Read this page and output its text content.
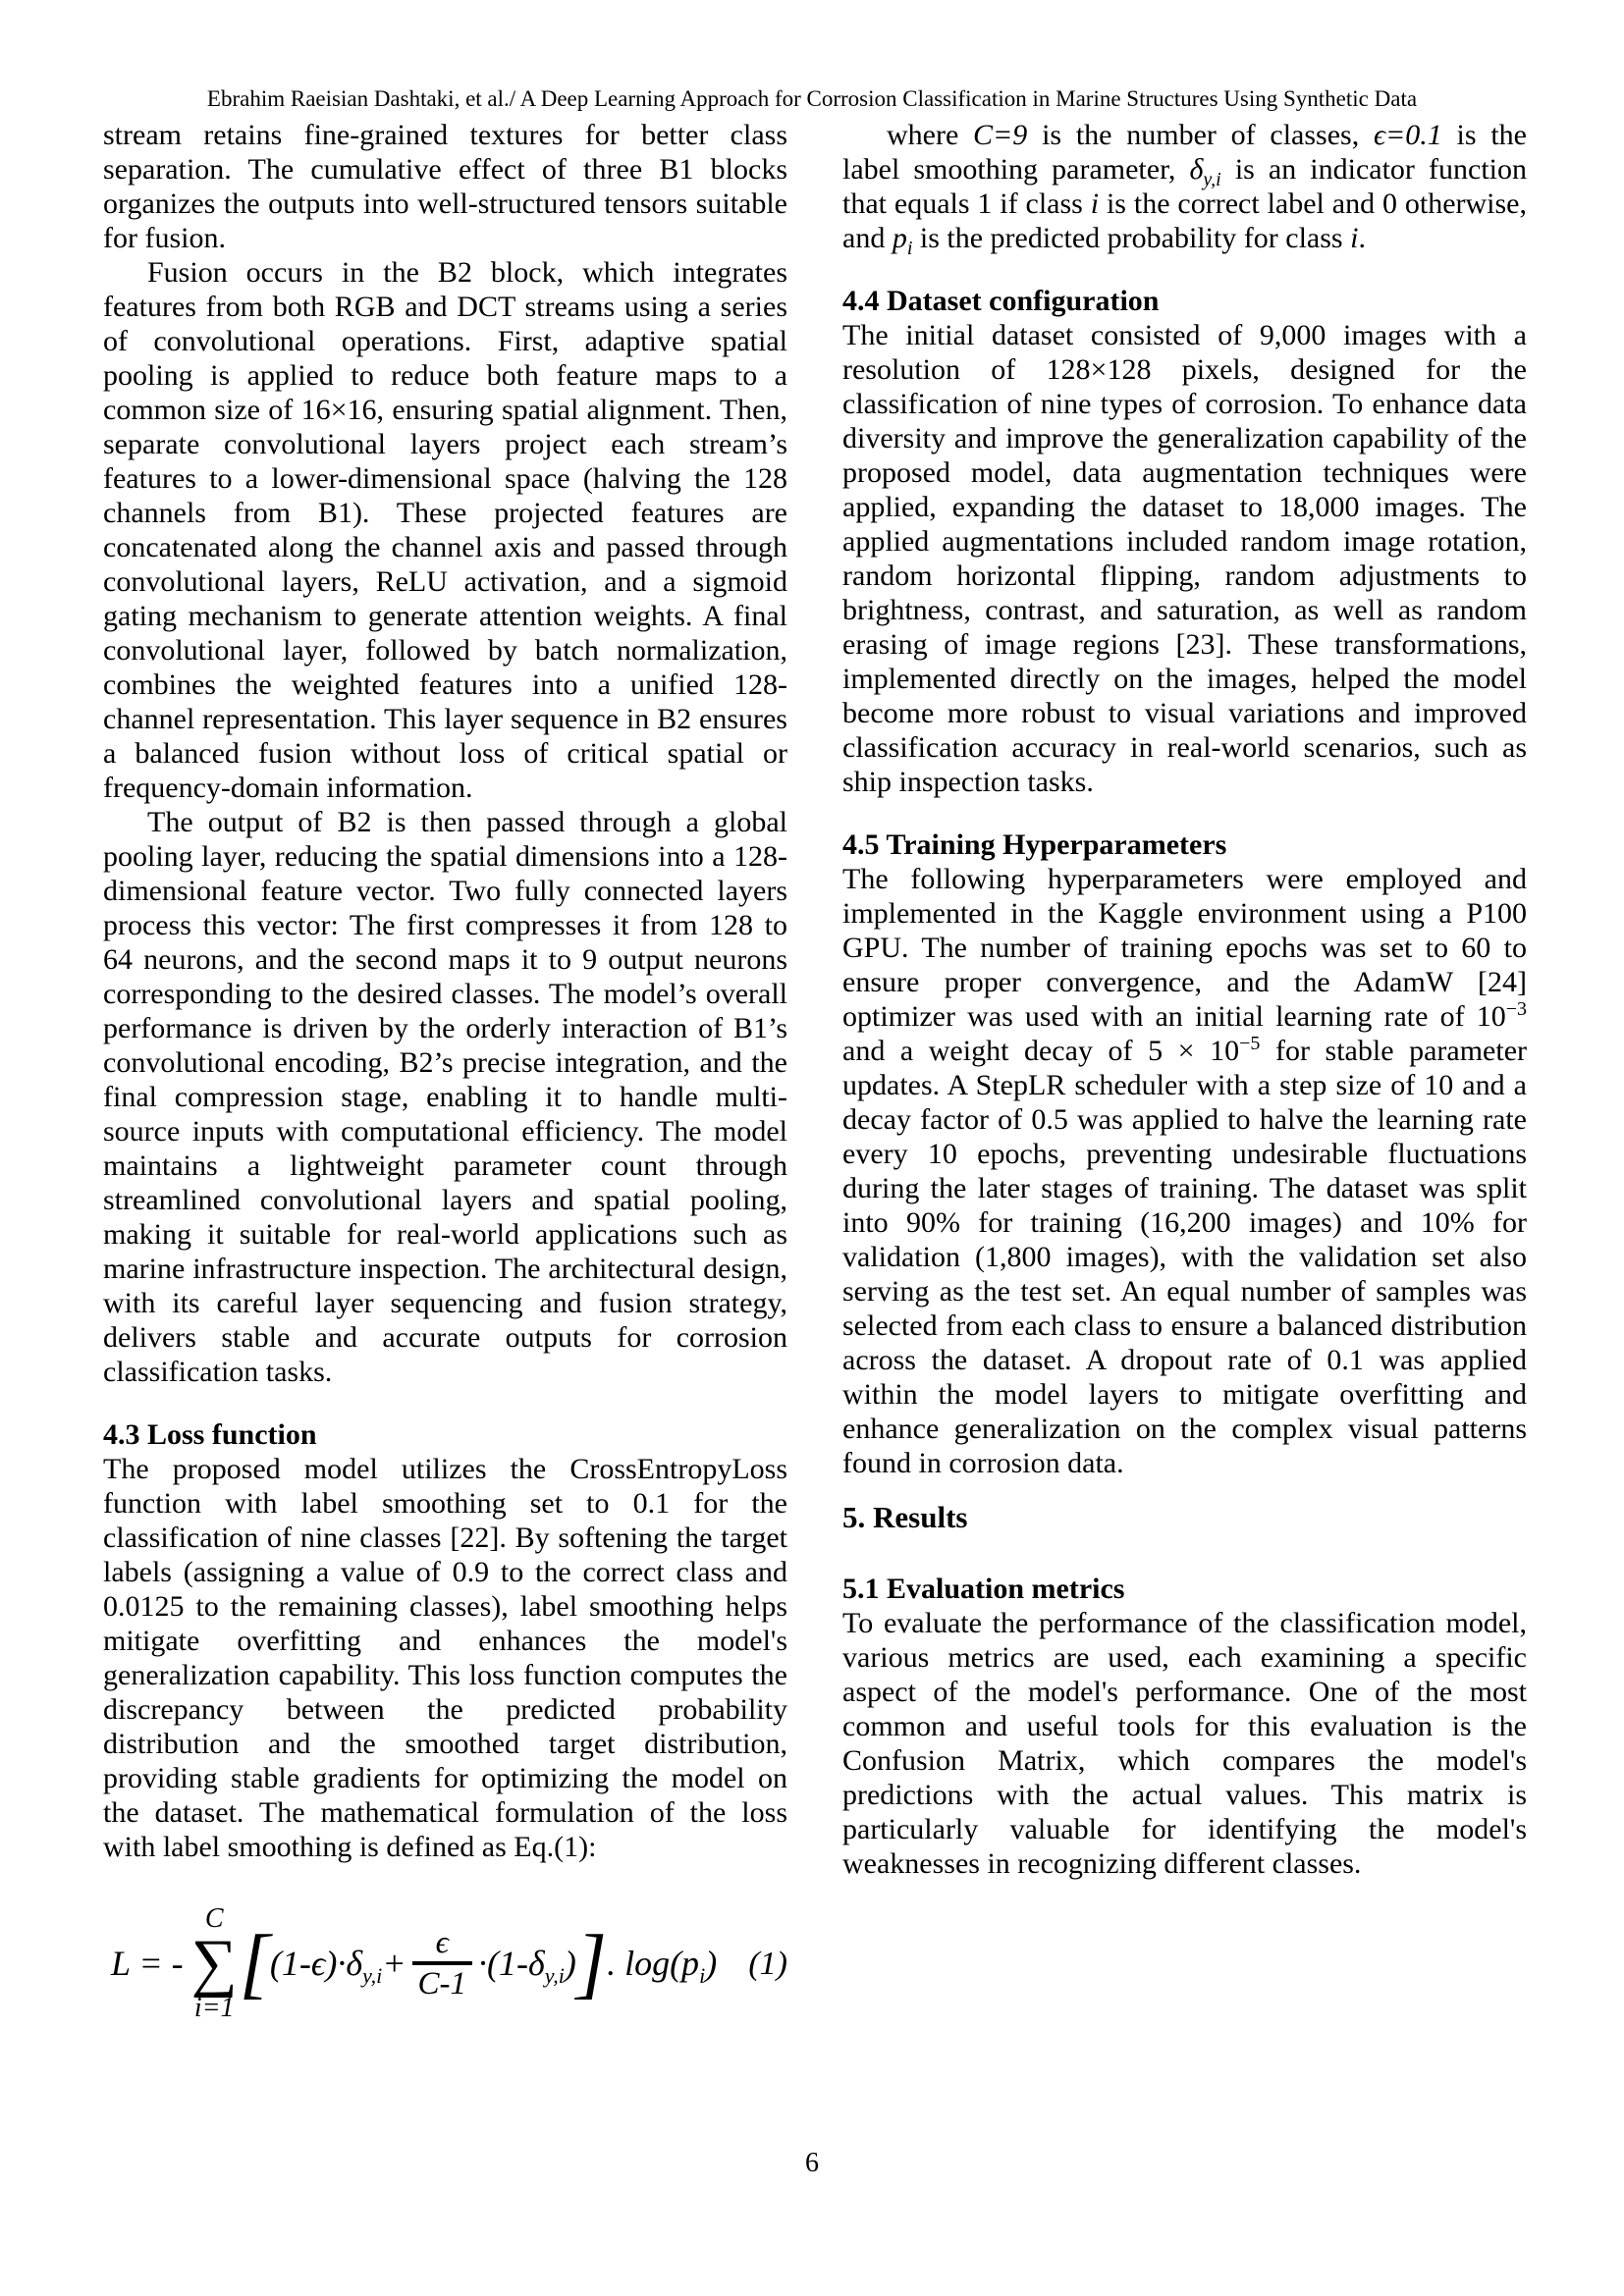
Ebrahim Raeisian Dashtaki, et al./ A Deep Learning Approach for Corrosion Classification in Marine Structures Using Synthetic Data

stream retains fine-grained textures for better class separation. The cumulative effect of three B1 blocks organizes the outputs into well-structured tensors suitable for fusion.

Fusion occurs in the B2 block, which integrates features from both RGB and DCT streams using a series of convolutional operations. First, adaptive spatial pooling is applied to reduce both feature maps to a common size of 16×16, ensuring spatial alignment. Then, separate convolutional layers project each stream’s features to a lower-dimensional space (halving the 128 channels from B1). These projected features are concatenated along the channel axis and passed through convolutional layers, ReLU activation, and a sigmoid gating mechanism to generate attention weights. A final convolutional layer, followed by batch normalization, combines the weighted features into a unified 128-channel representation. This layer sequence in B2 ensures a balanced fusion without loss of critical spatial or frequency-domain information.

The output of B2 is then passed through a global pooling layer, reducing the spatial dimensions into a 128-dimensional feature vector. Two fully connected layers process this vector: The first compresses it from 128 to 64 neurons, and the second maps it to 9 output neurons corresponding to the desired classes. The model’s overall performance is driven by the orderly interaction of B1’s convolutional encoding, B2’s precise integration, and the final compression stage, enabling it to handle multi-source inputs with computational efficiency. The model maintains a lightweight parameter count through streamlined convolutional layers and spatial pooling, making it suitable for real-world applications such as marine infrastructure inspection. The architectural design, with its careful layer sequencing and fusion strategy, delivers stable and accurate outputs for corrosion classification tasks.

4.3 Loss function

The proposed model utilizes the CrossEntropyLoss function with label smoothing set to 0.1 for the classification of nine classes [22]. By softening the target labels (assigning a value of 0.9 to the correct class and 0.0125 to the remaining classes), label smoothing helps mitigate overfitting and enhances the model's generalization capability. This loss function computes the discrepancy between the predicted probability distribution and the smoothed target distribution, providing stable gradients for optimizing the model on the dataset. The mathematical formulation of the loss with label smoothing is defined as Eq.(1):

L = -
C
∑
i=1
[ $(1-\epsilon)\cdot\delta_{y,i}+ \frac{\epsilon}{C-1} \cdot(1-\delta_{y,i})$ ] . $\log(p_i)$ (1)

where C=9 is the number of classes, ϵ=0.1 is the label smoothing parameter, $\delta_{y,i}$ is an indicator function that equals 1 if class i is the correct label and 0 otherwise, and $p_i$ is the predicted probability for class i.

4.4 Dataset configuration

The initial dataset consisted of 9,000 images with a resolution of 128×128 pixels, designed for the classification of nine types of corrosion. To enhance data diversity and improve the generalization capability of the proposed model, data augmentation techniques were applied, expanding the dataset to 18,000 images. The applied augmentations included random image rotation, random horizontal flipping, random adjustments to brightness, contrast, and saturation, as well as random erasing of image regions [23]. These transformations, implemented directly on the images, helped the model become more robust to visual variations and improved classification accuracy in real-world scenarios, such as ship inspection tasks.

4.5 Training Hyperparameters

The following hyperparameters were employed and implemented in the Kaggle environment using a P100 GPU. The number of training epochs was set to 60 to ensure proper convergence, and the AdamW [24] optimizer was used with an initial learning rate of $10^{-3}$ and a weight decay of $5 \times 10^{-5}$ for stable parameter updates. A StepLR scheduler with a step size of 10 and a decay factor of 0.5 was applied to halve the learning rate every 10 epochs, preventing undesirable fluctuations during the later stages of training. The dataset was split into 90% for training (16,200 images) and 10% for validation (1,800 images), with the validation set also serving as the test set. An equal number of samples was selected from each class to ensure a balanced distribution across the dataset. A dropout rate of 0.1 was applied within the model layers to mitigate overfitting and enhance generalization on the complex visual patterns found in corrosion data.

5. Results
5.1 Evaluation metrics

To evaluate the performance of the classification model, various metrics are used, each examining a specific aspect of the model's performance. One of the most common and useful tools for this evaluation is the Confusion Matrix, which compares the model's predictions with the actual values. This matrix is particularly valuable for identifying the model's weaknesses in recognizing different classes.

6
